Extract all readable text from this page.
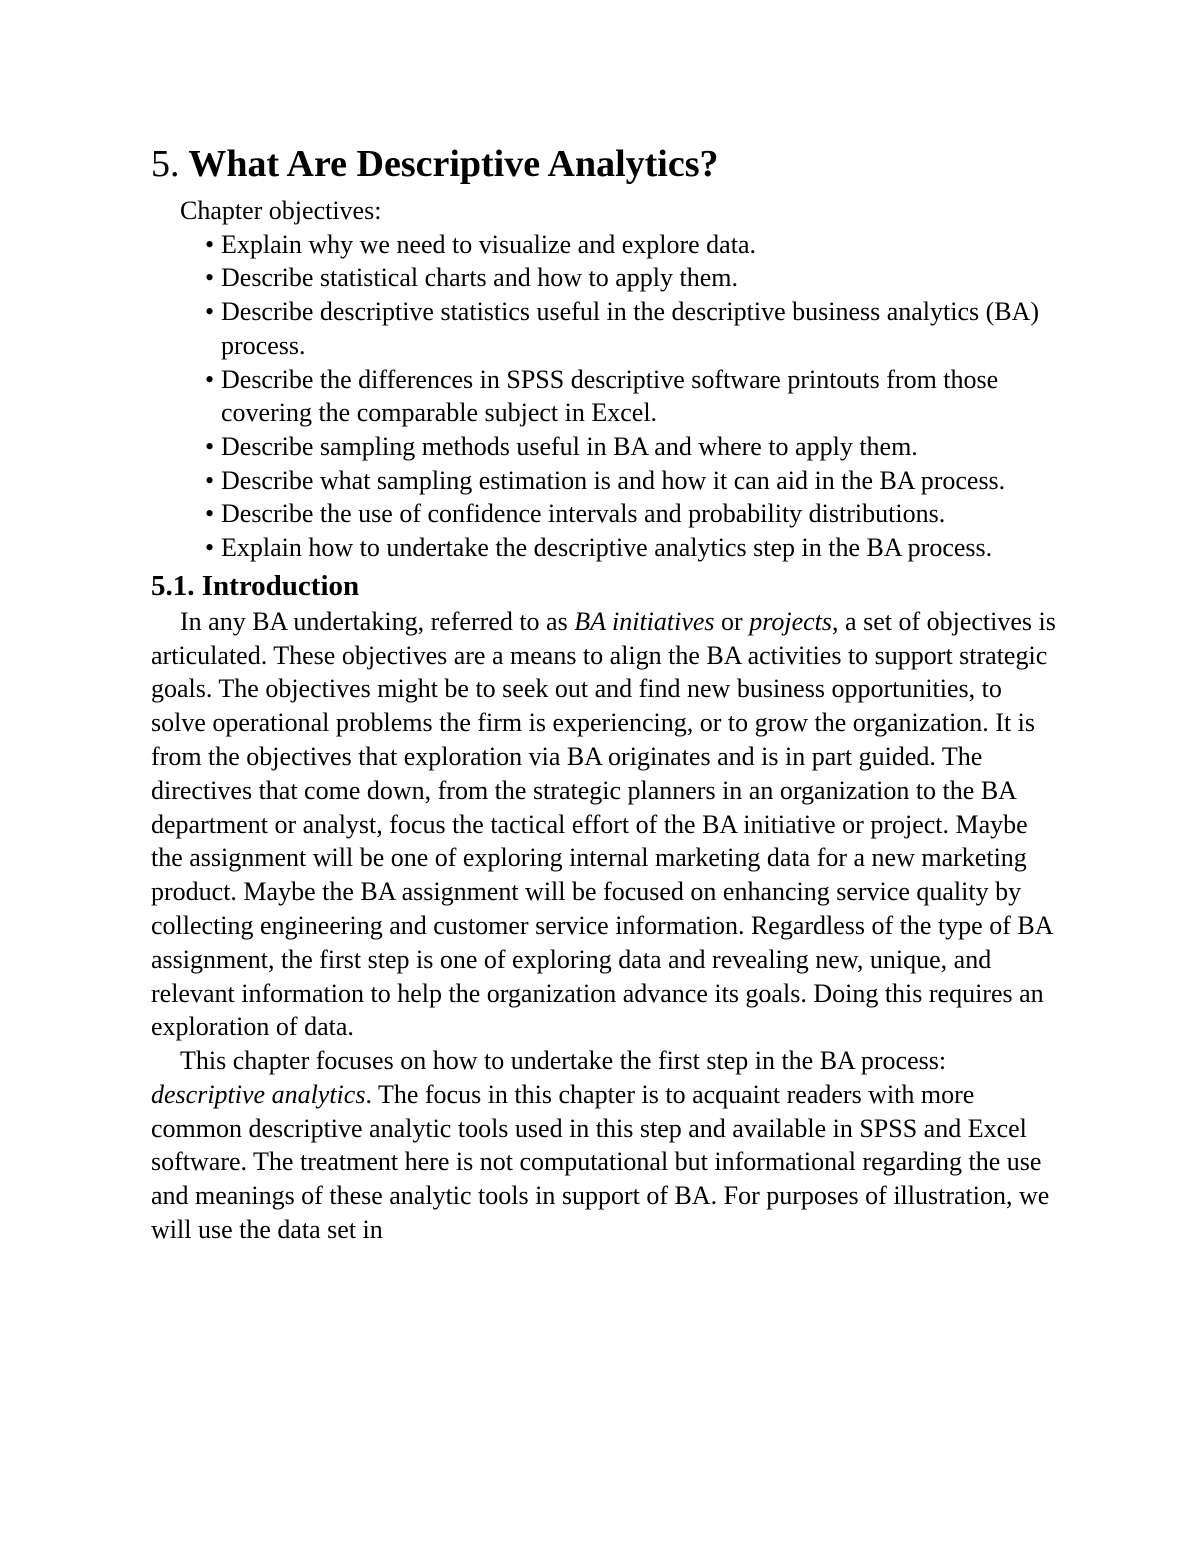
5. What Are Descriptive Analytics?
Chapter objectives:
• Explain why we need to visualize and explore data.
• Describe statistical charts and how to apply them.
• Describe descriptive statistics useful in the descriptive business analytics (BA) process.
• Describe the differences in SPSS descriptive software printouts from those covering the comparable subject in Excel.
• Describe sampling methods useful in BA and where to apply them.
• Describe what sampling estimation is and how it can aid in the BA process.
• Describe the use of confidence intervals and probability distributions.
• Explain how to undertake the descriptive analytics step in the BA process.
5.1. Introduction

In any BA undertaking, referred to as BA initiatives or projects, a set of objectives is articulated. These objectives are a means to align the BA activities to support strategic goals. The objectives might be to seek out and find new business opportunities, to solve operational problems the firm is experiencing, or to grow the organization. It is from the objectives that exploration via BA originates and is in part guided. The directives that come down, from the strategic planners in an organization to the BA department or analyst, focus the tactical effort of the BA initiative or project. Maybe the assignment will be one of exploring internal marketing data for a new marketing product. Maybe the BA assignment will be focused on enhancing service quality by collecting engineering and customer service information. Regardless of the type of BA assignment, the first step is one of exploring data and revealing new, unique, and relevant information to help the organization advance its goals. Doing this requires an exploration of data.

This chapter focuses on how to undertake the first step in the BA process: descriptive analytics. The focus in this chapter is to acquaint readers with more common descriptive analytic tools used in this step and available in SPSS and Excel software. The treatment here is not computational but informational regarding the use and meanings of these analytic tools in support of BA. For purposes of illustration, we will use the data set in
